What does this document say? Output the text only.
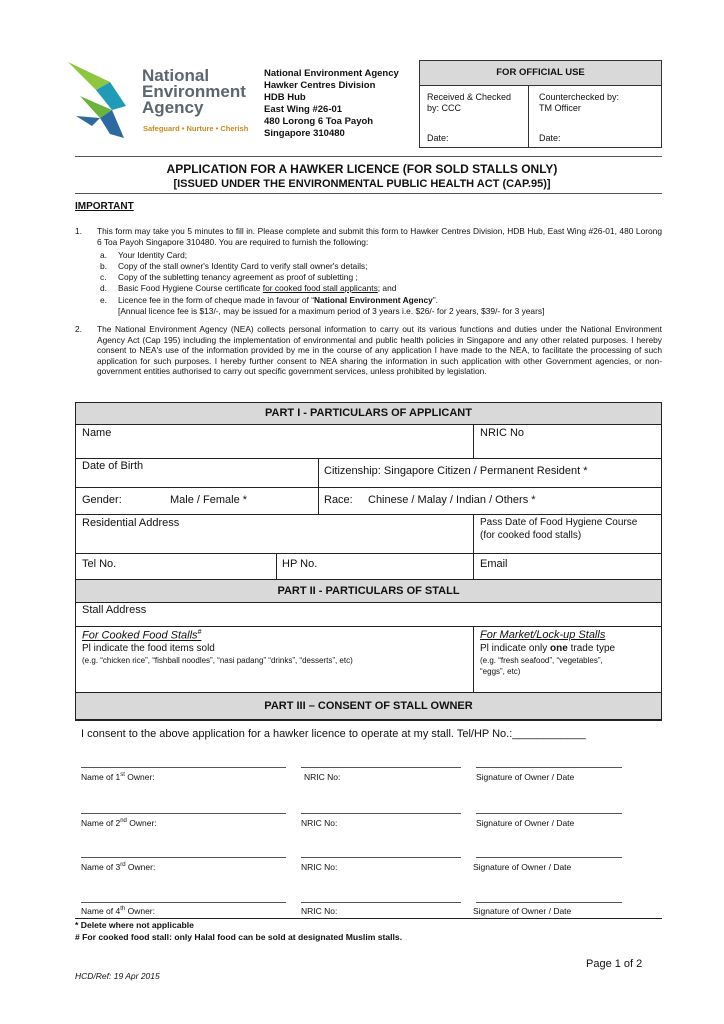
National
Environment
Agency
Safeguard • Nurture • Cherish
National Environment Agency
Hawker Centres Division
HDB Hub
East Wing #26-01
480 Lorong 6 Toa Payoh
Singapore 310480
FOR OFFICIAL USE
Received & Checked
by: CCC
Date:
Counterchecked by:
TM Officer
Date:
APPLICATION FOR A HAWKER LICENCE (FOR SOLD STALLS ONLY)
[ISSUED UNDER THE ENVIRONMENTAL PUBLIC HEALTH ACT (CAP.95)]
IMPORTANT
1. This form may take you 5 minutes to fill in. Please complete and submit this form to Hawker Centres Division, HDB Hub, East Wing #26-01, 480 Lorong 6 Toa Payoh Singapore 310480. You are required to furnish the following:
a. Your Identity Card;
b. Copy of the stall owner's Identity Card to verify stall owner's details;
c. Copy of the subletting tenancy agreement as proof of subletting ;
d. Basic Food Hygiene Course certificate for cooked food stall applicants; and
e. Licence fee in the form of cheque made in favour of “National Environment Agency”.
[Annual licence fee is $13/-, may be issued for a maximum period of 3 years i.e. $26/- for 2 years, $39/- for 3 years]
2. The National Environment Agency (NEA) collects personal information to carry out its various functions and duties under the National Environment Agency Act (Cap 195) including the implementation of environmental and public health policies in Singapore and any other related purposes. I hereby consent to NEA's use of the information provided by me in the course of any application I have made to the NEA, to facilitate the processing of such application for such purposes. I hereby further consent to NEA sharing the information in such application with other Government agencies, or non-government entities authorised to carry out specific government services, unless prohibited by legislation.
PART I - PARTICULARS OF APPLICANT
Name	NRIC No
Date of Birth	Citizenship: Singapore Citizen / Permanent Resident *
Gender:	Male / Female *	Race: Chinese / Malay / Indian / Others *
Residential Address	Pass Date of Food Hygiene Course
(for cooked food stalls)
Tel No.	HP No.	Email
PART II - PARTICULARS OF STALL
Stall Address
For Cooked Food Stalls#
Pl indicate the food items sold
(e.g. “chicken rice”, “fishball noodles”, “nasi padang” “drinks”, “desserts”, etc)
For Market/Lock-up Stalls
Pl indicate only one trade type
(e.g. “fresh seafood”, “vegetables”,
“eggs”, etc)
PART III – CONSENT OF STALL OWNER
I consent to the above application for a hawker licence to operate at my stall. Tel/HP No.:____________
Name of 1st Owner:	NRIC No:	Signature of Owner / Date
Name of 2nd Owner:	NRIC No:	Signature of Owner / Date
Name of 3rd Owner:	NRIC No:	Signature of Owner / Date
Name of 4th Owner:	NRIC No:	Signature of Owner / Date
* Delete where not applicable
# For cooked food stall: only Halal food can be sold at designated Muslim stalls.
Page 1 of 2
HCD/Ref: 19 Apr 2015
